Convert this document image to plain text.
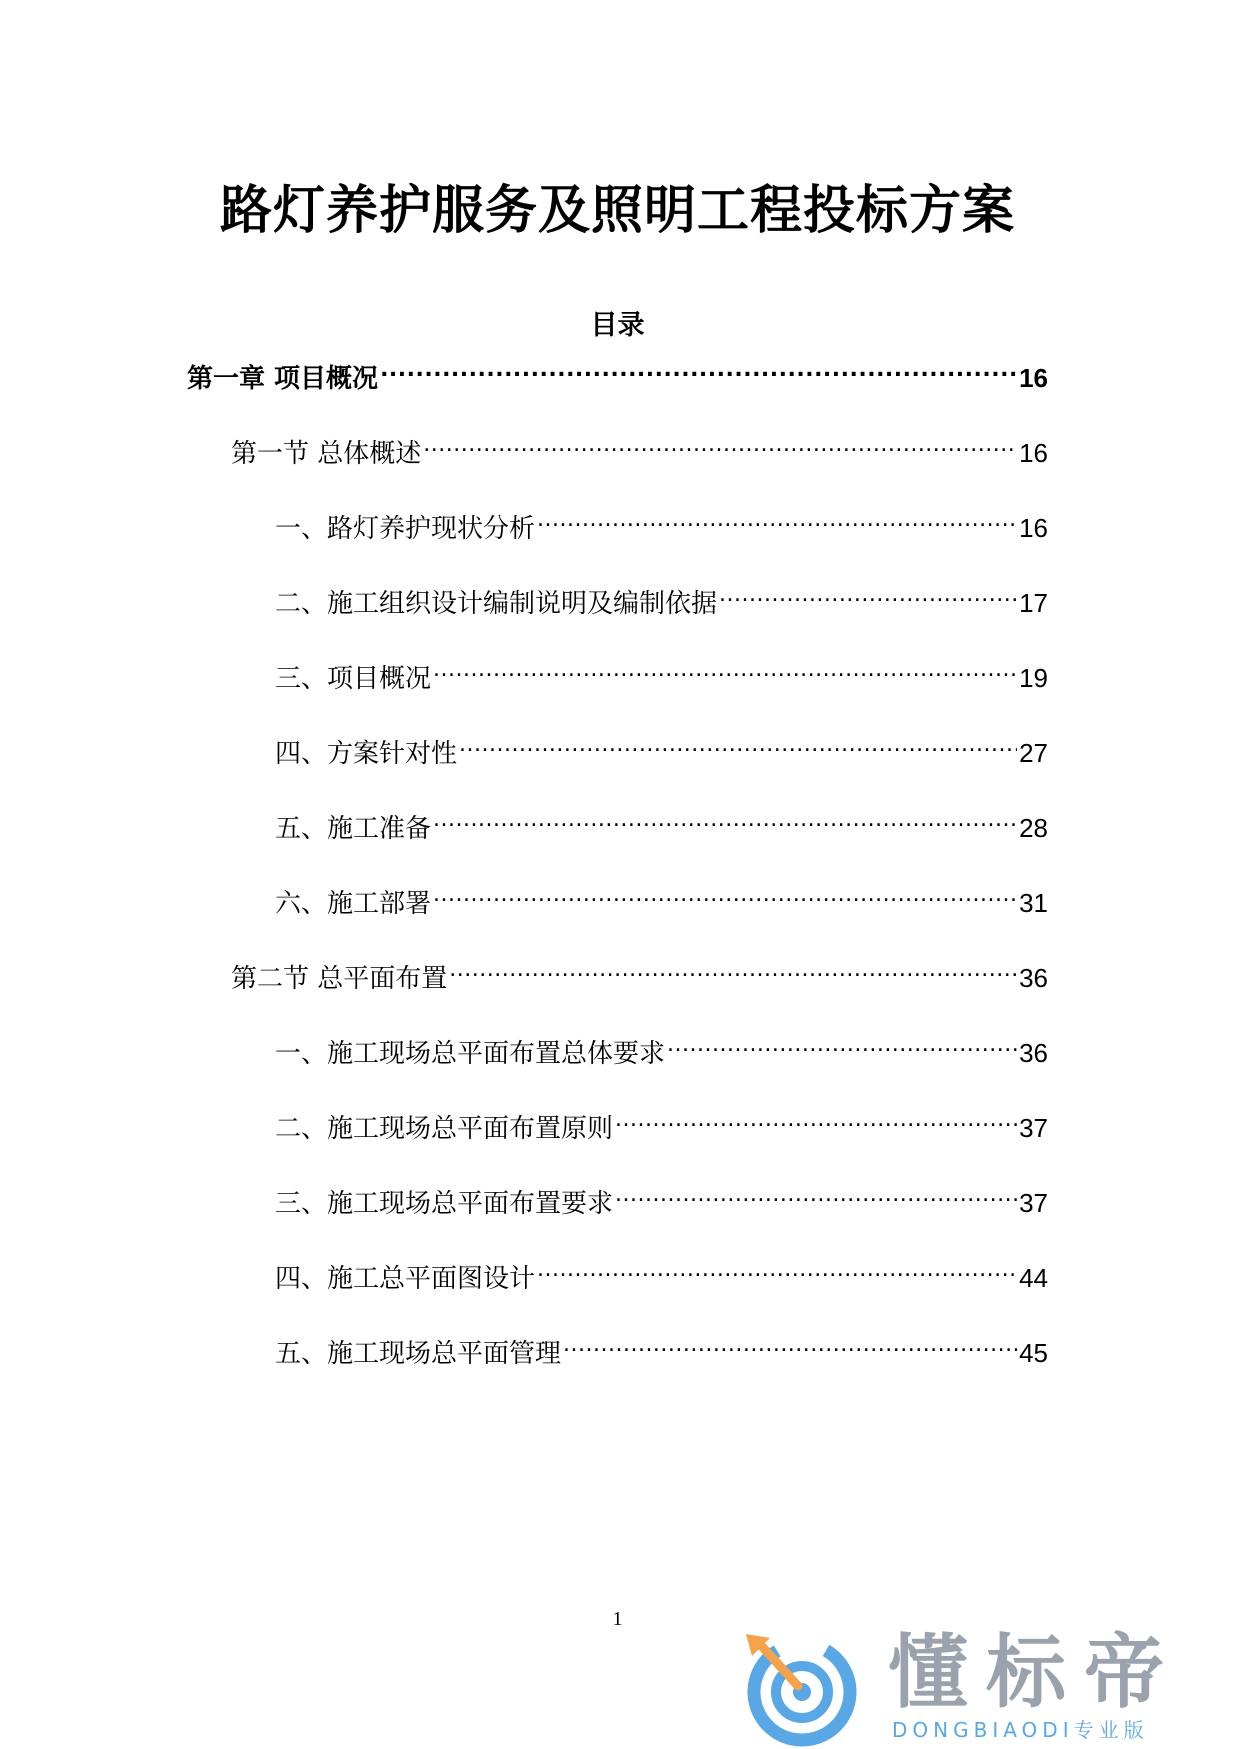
路灯养护服务及照明工程投标方案
目录
第一章 项目概况 .....	16
第一节 总体概述 .....	16
一、路灯养护现状分析 .....	16
二、施工组织设计编制说明及编制依据 .....	17
三、项目概况 .....	19
四、方案针对性 .....	27
五、施工准备 .....	28
六、施工部署 .....	31
第二节 总平面布置 .....	36
一、施工现场总平面布置总体要求 .....	36
二、施工现场总平面布置原则 .....	37
三、施工现场总平面布置要求 .....	37
四、施工总平面图设计 .....	44
五、施工现场总平面管理 .....	45
1
懂标帝
DONGBIAODI专业版
